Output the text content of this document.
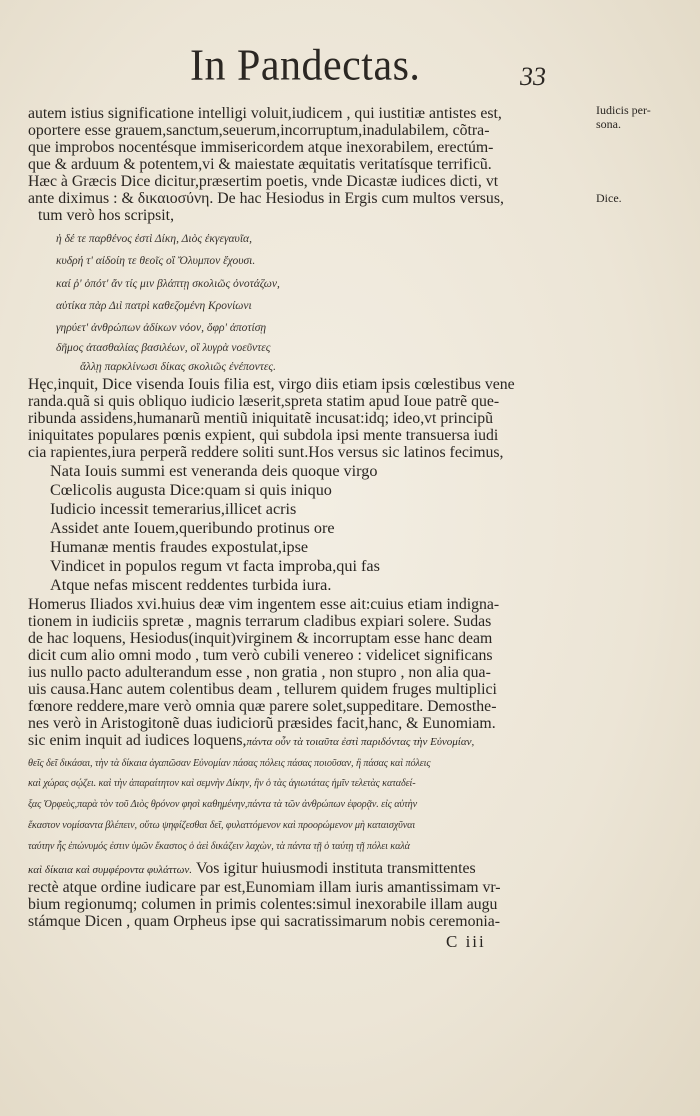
In Pandectas.	33
Iudicis per-
sona.
Dice.
autem istius significatione intelligi voluit,iudicem , qui iustitiæ antistes est,
oportere esse grauem,sanctum,seuerum,incorruptum,inadulabilem, cõtra-
que improbos nocentésque immisericordem atque inexorabilem, erectúm-
que & arduum & potentem,vi & maiestate æquitatis veritatísque terrificũ.
Hæc à Græcis Dice dicitur,præsertim poetis, vnde Dicastæ iudices dicti, vt
ante diximus : & δικαιοσύνη. De hac Hesiodus in Ergis cum multos versus,
tum verò hos scripsit,
ἡ δέ τε παρθένος ἐστὶ Δίκη, Διὸς ἐκγεγαυῖα,
κυδρή τ' αἰδοίη τε θεοῖς οἳ Ὄλυμπον ἔχουσι.
καί ῥ' ὁπότ' ἄν τίς μιν βλάπτῃ σκολιῶς ὀνοτάζων,
αὐτίκα πὰρ Διὶ πατρὶ καθεζομένη Κρονίωνι
γηρύετ' ἀνθρώπων ἀδίκων νόον, ὄφρ' ἀποτίσῃ
δῆμος ἀτασθαλίας βασιλέων, οἳ λυγρὰ νοεῦντες
ἄλλῃ παρκλίνωσι δίκας σκολιῶς ἐνέποντες.
Hęc,inquit, Dice visenda Iouis filia est, virgo diis etiam ipsis cœlestibus vene
randa.quã si quis obliquo iudicio læserit,spreta statim apud Ioue patrẽ que-
ribunda assidens,humanarũ mentiũ iniquitatẽ incusat:idq; ideo,vt principũ
iniquitates populares pœnis expient, qui subdola ipsi mente transuersa iudi
cia rapientes,iura perperã reddere soliti sunt.Hos versus sic latinos fecimus,
Nata Iouis summi est veneranda deis quoque virgo
Cœlicolis augusta Dice:quam si quis iniquo
Iudicio incessit temerarius,illicet acris
Assidet ante Iouem,queribundo protinus ore
Humanæ mentis fraudes expostulat,ipse
Vindicet in populos regum vt facta improba,qui fas
Atque nefas miscent reddentes turbida iura.
Homerus Iliados xvi.huius deæ vim ingentem esse ait:cuius etiam indigna-
tionem in iudiciis spretæ , magnis terrarum cladibus expiari solere. Sudas
de hac loquens, Hesiodus(inquit)virginem & incorruptam esse hanc deam
dicit cum alio omni modo , tum verò cubili venereo : videlicet significans
ius nullo pacto adulterandum esse , non gratia , non stupro , non alia qua-
uis causa.Hanc autem colentibus deam , tellurem quidem fruges multiplici
fœnore reddere,mare verò omnia quæ parere solet,suppeditare. Demosthe-
nes verò in Aristogitonẽ duas iudiciorũ præsides facit,hanc, & Eunomiam.
sic enim inquit ad iudices loquens,πάντα οὖν τὰ τοιαῦτα ἐστὶ παριδόντας τὴν Εὐνομίαν,
θεῖς δεῖ δικάσαι, τὴν τὰ δίκαια ἀγαπῶσαν Εὐνομίαν πάσας πόλεις πάσας ποιοῦσαν, ἣ πάσας καὶ πόλεις
καὶ χώρας σῴζει. καὶ τὴν ἀπαραίτητον καὶ σεμνὴν Δίκην, ἣν ὁ τὰς ἁγιωτάτας ἡμῖν τελετὰς καταδεί-
ξας Ὀρφεὺς,παρὰ τὸν τοῦ Διὸς θρόνον φησὶ καθημένην,πάντα τὰ τῶν ἀνθρώπων ἐφορᾷν. εἰς αὐτὴν
ἕκαστον νομίσαντα βλέπειν, οὕτω ψηφίζεσθαι δεῖ, φυλαττόμενον καὶ προορώμενον μὴ καταισχῦναι
ταύτην ἧς ἐπώνυμός ἐστιν ὑμῶν ἕκαστος ὁ ἀεὶ δικάζειν λαχὼν, τὰ πάντα τῇ ὁ ταύτῃ τῇ πόλει καλὰ
καὶ δίκαια καὶ συμφέροντα φυλάττων. Vos igitur huiusmodi instituta transmittentes
rectè atque ordine iudicare par est,Eunomiam illam iuris amantissimam vr-
bium regionumq; columen in primis colentes:simul inexorabile illam augu
stámque Dicen , quam Orpheus ipse qui sacratissimarum nobis ceremonia-
C iii
